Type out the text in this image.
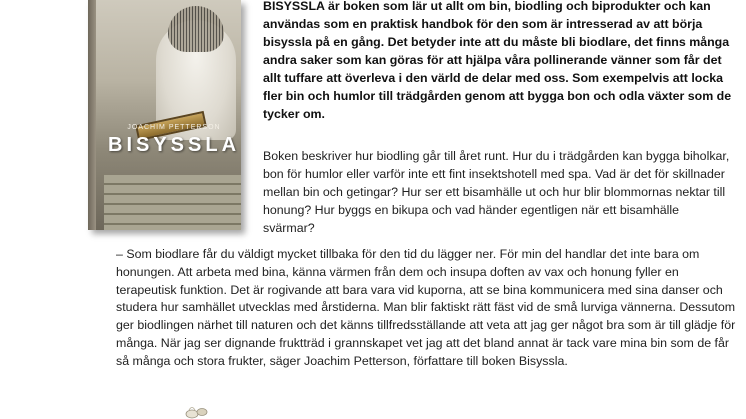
JOACHIM PETTERSON
BISYSSLA

BISYSSLA är boken som lär ut allt om bin, biodling och biprodukter och kan användas som en praktisk handbok för den som är intresserad av att börja bisyssla på en gång. Det betyder inte att du måste bli biodlare, det finns många andra saker som kan göras för att hjälpa våra pollinerande vänner som får det allt tuffare att överleva i den värld de delar med oss. Som exempelvis att locka fler bin och humlor till trädgården genom att bygga bon och odla växter som de tycker om.

Boken beskriver hur biodling går till året runt. Hur du i trädgården kan bygga biholkar, bon för humlor eller varför inte ett fint insektshotell med spa. Vad är det för skillnader mellan bin och getingar? Hur ser ett bisamhälle ut och hur blir blommornas nektar till honung? Hur byggs en bikupa och vad händer egentligen när ett bisamhälle svärmar?

– Som biodlare får du väldigt mycket tillbaka för den tid du lägger ner. För min del handlar det inte bara om honungen. Att arbeta med bina, känna värmen från dem och insupa doften av vax och honung fyller en terapeutisk funktion. Det är rogivande att bara vara vid kuporna, att se bina kommunicera med sina danser och studera hur samhället utvecklas med årstiderna. Man blir faktiskt rätt fäst vid de små lurviga vännerna. Dessutom ger biodlingen närhet till naturen och det känns tillfredsställande att veta att jag ger något bra som är till glädje för många. När jag ser dignande fruktträd i grannskapet vet jag att det bland annat är tack vare mina bin som de får så många och stora frukter, säger Joachim Petterson, författare till boken Bisyssla.
